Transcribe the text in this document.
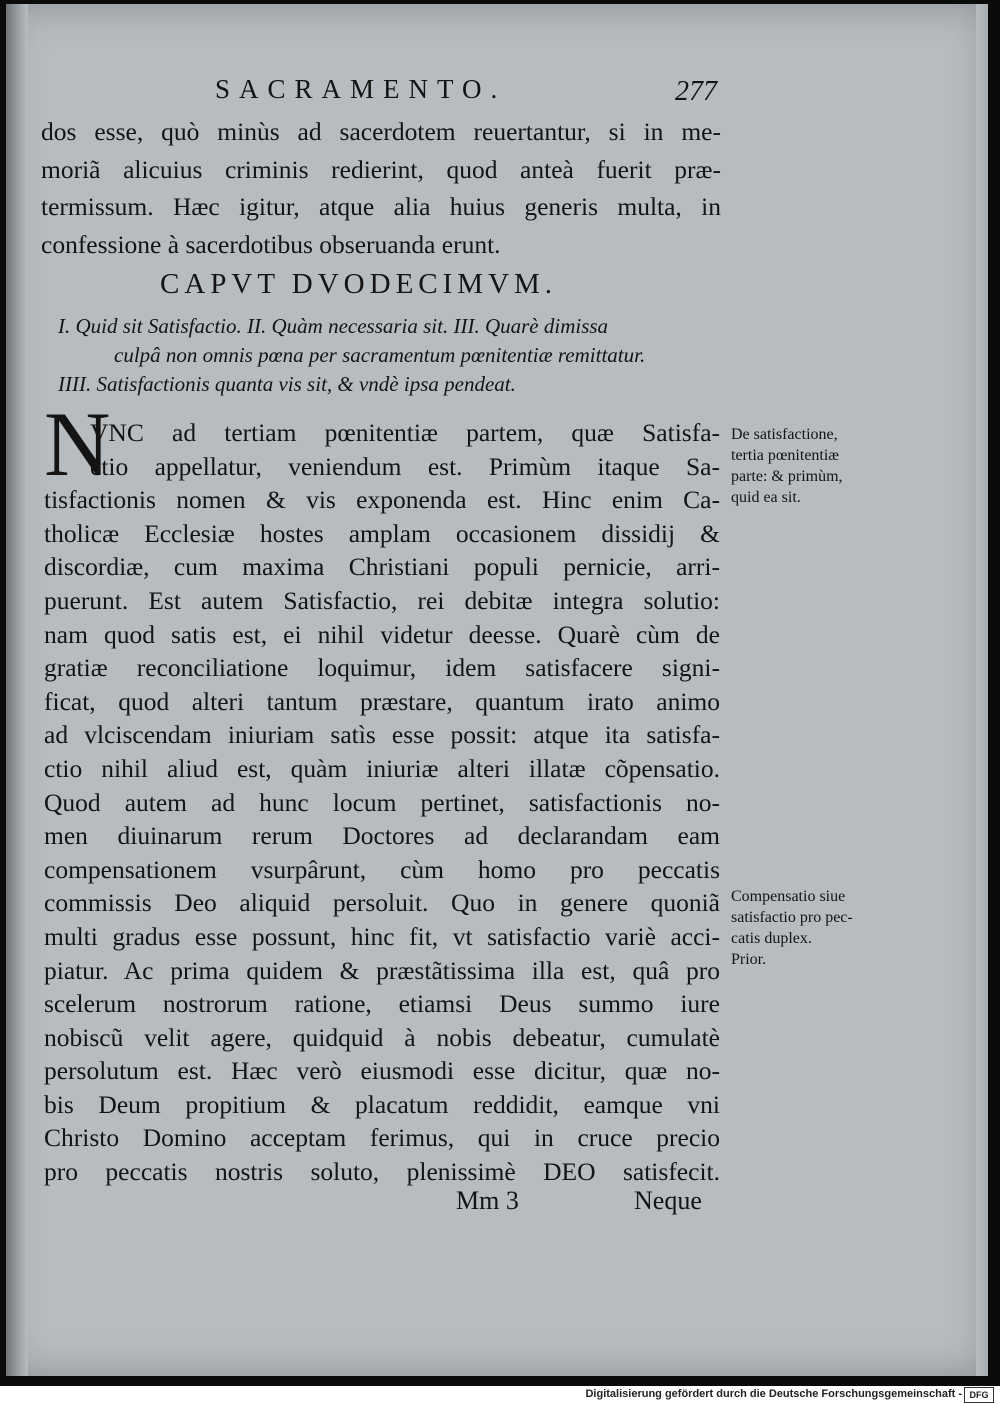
SACRAMENTO.	277
dos esse, quò minùs ad sacerdotem reuertantur, si in me-
moriã alicuius criminis redierint, quod anteà fuerit præ-
termissum. Hæc igitur, atque alia huius generis multa, in
confessione à sacerdotibus obseruanda erunt.
CAPVT DVODECIMVM.
I. Quid sit Satisfactio. II. Quàm necessaria sit. III. Quarè dimissa
culpâ non omnis pœna per sacramentum pœnitentiæ remittatur.
IIII. Satisfactionis quanta vis sit, & vndè ipsa pendeat.
N
VNC ad tertiam pœnitentiæ partem, quæ Satisfa-
ctio appellatur, veniendum est. Primùm itaque Sa-
tisfactionis nomen & vis exponenda est. Hinc enim Ca-
tholicæ Ecclesiæ hostes amplam occasionem dissidij &
discordiæ, cum maxima Christiani populi pernicie, arri-
puerunt. Est autem Satisfactio, rei debitæ integra solutio:
nam quod satis est, ei nihil videtur deesse. Quarè cùm de
gratiæ reconciliatione loquimur, idem satisfacere signi-
ficat, quod alteri tantum præstare, quantum irato animo
ad vlciscendam iniuriam satìs esse possit: atque ita satisfa-
ctio nihil aliud est, quàm iniuriæ alteri illatæ cõpensatio.
Quod autem ad hunc locum pertinet, satisfactionis no-
men diuinarum rerum Doctores ad declarandam eam
compensationem vsurpârunt, cùm homo pro peccatis
commissis Deo aliquid persoluit. Quo in genere quoniã
multi gradus esse possunt, hinc fit, vt satisfactio variè acci-
piatur. Ac prima quidem & præstãtissima illa est, quâ pro
scelerum nostrorum ratione, etiamsi Deus summo iure
nobiscũ velit agere, quidquid à nobis debeatur, cumulatè
persolutum est. Hæc verò eiusmodi esse dicitur, quæ no-
bis Deum propitium & placatum reddidit, eamque vni
Christo Domino acceptam ferimus, qui in cruce precio
pro peccatis nostris soluto, plenissimè DEO satisfecit.
De satisfactione,
tertia pœnitentiæ
parte: & primùm,
quid ea sit.
Compensatio siue
satisfactio pro pec-
catis duplex.
Prior.
Mm 3	Neque
Digitalisierung gefördert durch die Deutsche Forschungsgemeinschaft - DFG
